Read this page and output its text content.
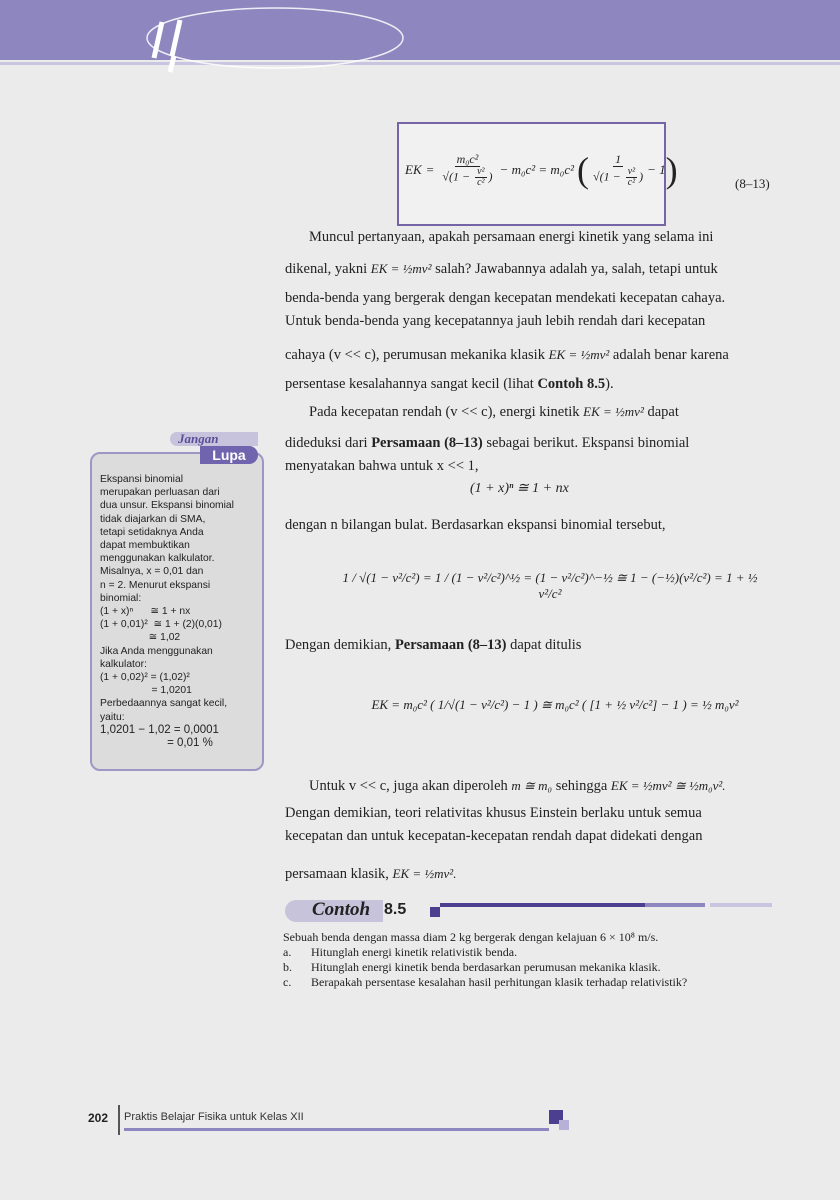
EK = $\frac{\text{m₀c²}}{√(1 - \frac{\text{v²}}{\text{c²}} )} - m_0c^2 = m_0c^2$ ( $\frac{1}{√(1 - \frac{\text{v²}}{\text{c²}} )} - 1$ )	(8–13)
Muncul pertanyaan, apakah persamaan energi kinetik yang selama ini
dikenal, yakni EK = ½mv² salah? Jawabannya adalah ya, salah, tetapi untuk
benda-benda yang bergerak dengan kecepatan mendekati kecepatan cahaya.
Untuk benda-benda yang kecepatannya jauh lebih rendah dari kecepatan
cahaya (v << c), perumusan mekanika klasik EK = ½mv² adalah benar karena
persentase kesalahannya sangat kecil (lihat Contoh 8.5).
Pada kecepatan rendah (v << c), energi kinetik EK = ½mv² dapat
dideduksi dari Persamaan (8–13) sebagai berikut. Ekspansi binomial
menyatakan bahwa untuk x << 1,
(1 + x)ⁿ ≅ 1 + nx
dengan n bilangan bulat. Berdasarkan ekspansi binomial tersebut,
1 / √(1 − v²/c²) = 1 / (1 − v²/c²)^½ = (1 − v²/c²)^−½ ≅ 1 − (−½)(v²/c²) = 1 + ½ v²/c²
Dengan demikian, Persamaan (8–13) dapat ditulis
EK = m₀c² ( 1/√(1 − v²/c²) − 1 ) ≅ m₀c² ( [1 + ½ v²/c²] − 1 ) = ½ m₀v²
Untuk v << c, juga akan diperoleh m ≅ m₀ sehingga EK = ½mv² ≅ ½m₀v².
Dengan demikian, teori relativitas khusus Einstein berlaku untuk semua
kecepatan dan untuk kecepatan-kecepatan rendah dapat didekati dengan
persamaan klasik, EK = ½mv².
Jangan
Lupa
Ekspansi binomial
merupakan perluasan dari
dua unsur. Ekspansi binomial
tidak diajarkan di SMA,
tetapi setidaknya Anda
dapat membuktikan
menggunakan kalkulator.
Misalnya, x = 0,01 dan
n = 2. Menurut ekspansi
binomial:
(1 + x)ⁿ      ≅ 1 + nx
(1 + 0,01)²  ≅ 1 + (2)(0,01)
≅ 1,02
Jika Anda menggunakan
kalkulator:
(1 + 0,02)² = (1,02)²
= 1,0201
Perbedaannya sangat kecil,
yaitu:
1,0201 − 1,02 = 0,0001
= 0,01 %
Contoh 8.5
Sebuah benda dengan massa diam 2 kg bergerak dengan kelajuan 6 × 10⁸ m/s.
a.	Hitunglah energi kinetik relativistik benda.
b.	Hitunglah energi kinetik benda berdasarkan perumusan mekanika klasik.
c.	Berapakah persentase kesalahan hasil perhitungan klasik terhadap relativistik?
202 Praktis Belajar Fisika untuk Kelas XII
